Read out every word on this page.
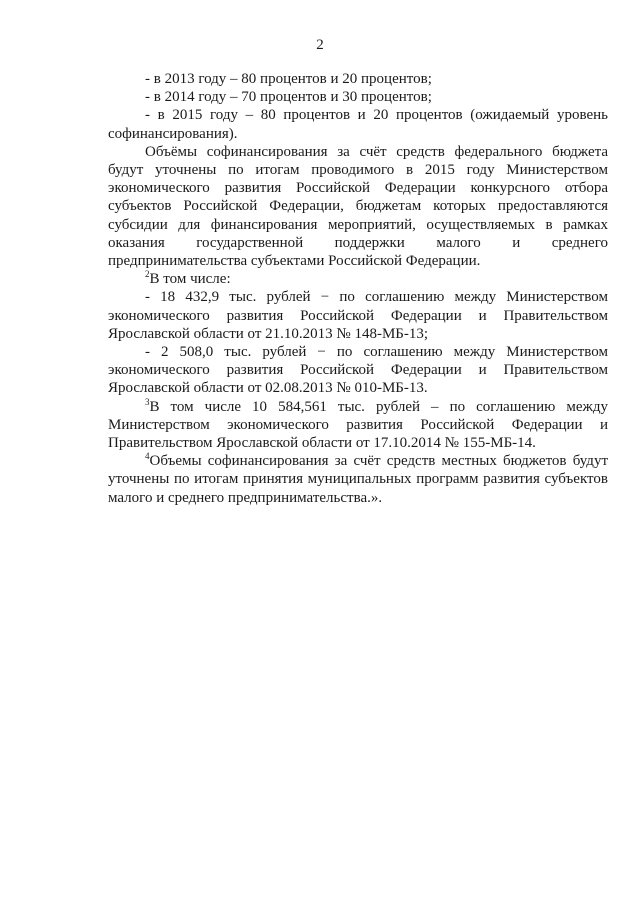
2

- в 2013 году – 80 процентов и 20 процентов;

- в 2014 году – 70 процентов и 30 процентов;

- в 2015 году – 80 процентов и 20 процентов (ожидаемый уровень софинансирования).

Объёмы софинансирования за счёт средств федерального бюджета будут уточнены по итогам проводимого в 2015 году Министерством экономического развития Российской Федерации конкурсного отбора субъектов Российской Федерации, бюджетам которых предоставляются субсидии для финансирования мероприятий, осуществляемых в рамках оказания государственной поддержки малого и среднего предпринимательства субъектами Российской Федерации.

$^2$В том числе:

- 18 432,9 тыс. рублей − по соглашению между Министерством экономического развития Российской Федерации и Правительством Ярославской области от 21.10.2013 № 148-МБ-13;

- 2 508,0 тыс. рублей − по соглашению между Министерством экономического развития Российской Федерации и Правительством Ярославской области от 02.08.2013 № 010-МБ-13.

$^3$В том числе 10 584,561 тыс. рублей – по соглашению между Министерством экономического развития Российской Федерации и Правительством Ярославской области от 17.10.2014 № 155-МБ-14.

$^4$Объемы софинансирования за счёт средств местных бюджетов будут уточнены по итогам принятия муниципальных программ развития субъектов малого и среднего предпринимательства.».
